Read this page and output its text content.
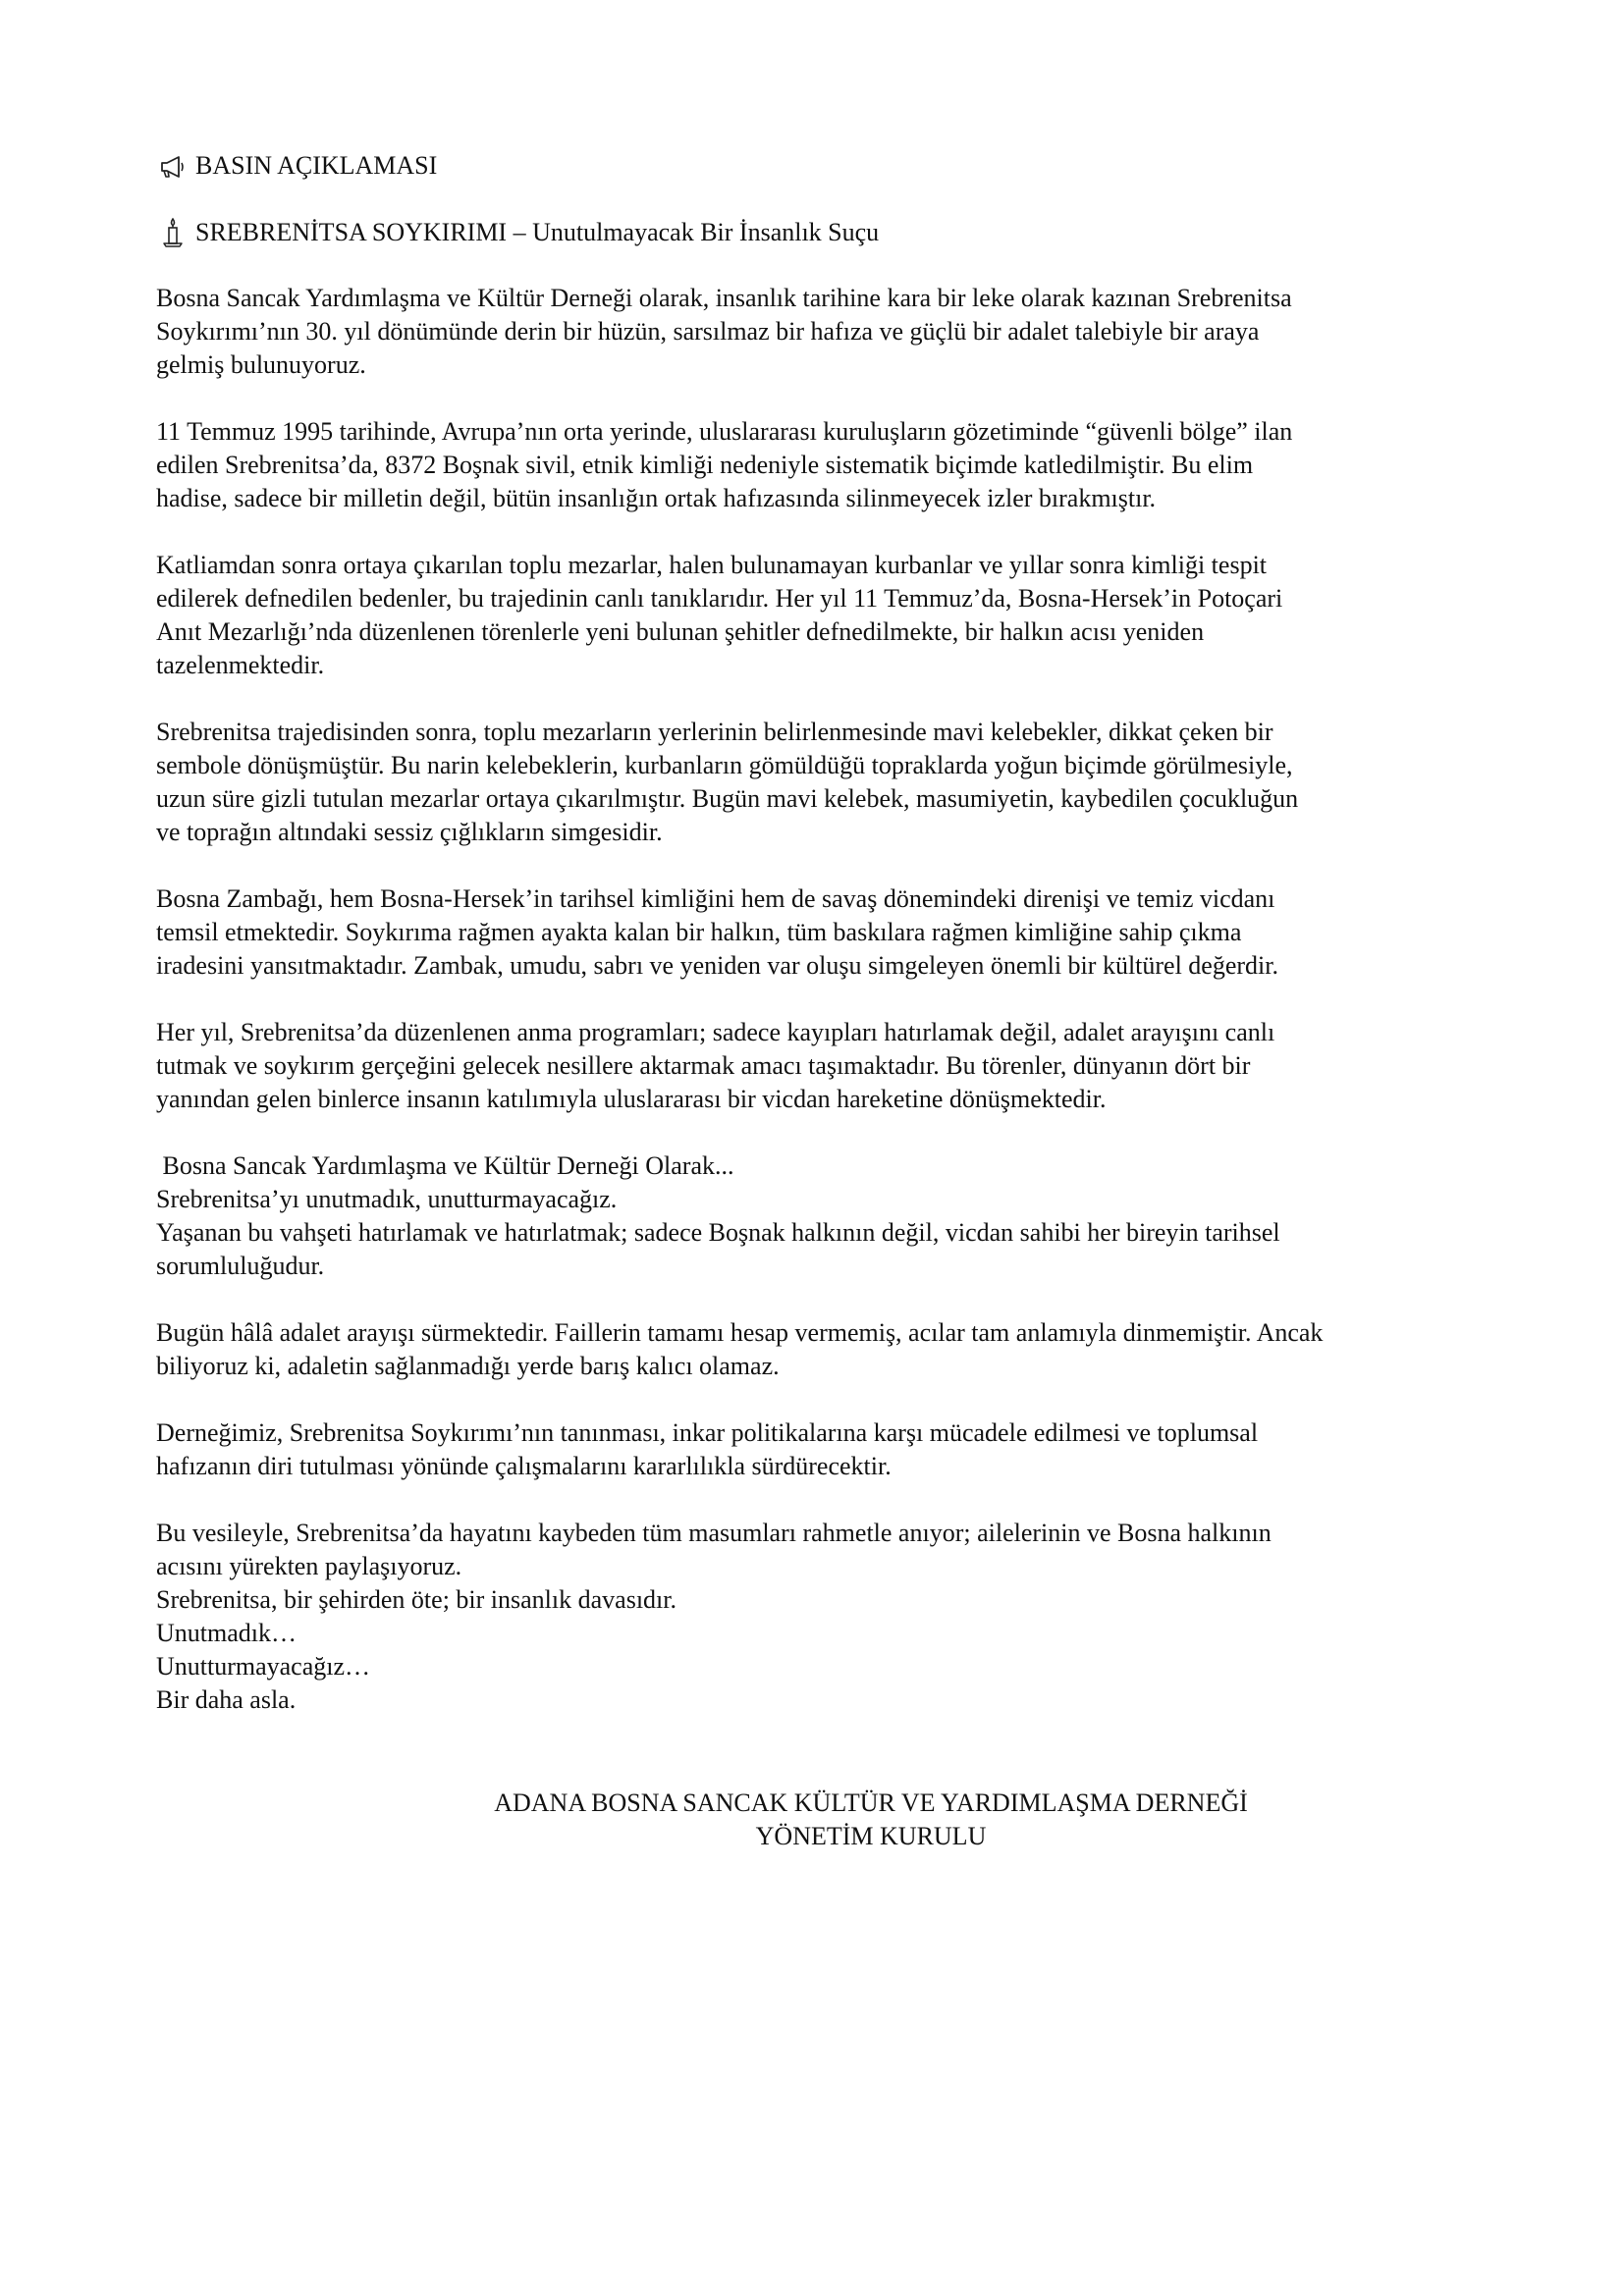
BASIN AÇIKLAMASI
SREBRENİTSA SOYKIRIMI – Unutulmayacak Bir İnsanlık Suçu

Bosna Sancak Yardımlaşma ve Kültür Derneği olarak, insanlık tarihine kara bir leke olarak kazınan Srebrenitsa
Soykırımı’nın 30. yıl dönümünde derin bir hüzün, sarsılmaz bir hafıza ve güçlü bir adalet talebiyle bir araya
gelmiş bulunuyoruz.

11 Temmuz 1995 tarihinde, Avrupa’nın orta yerinde, uluslararası kuruluşların gözetiminde “güvenli bölge” ilan
edilen Srebrenitsa’da, 8372 Boşnak sivil, etnik kimliği nedeniyle sistematik biçimde katledilmiştir. Bu elim
hadise, sadece bir milletin değil, bütün insanlığın ortak hafızasında silinmeyecek izler bırakmıştır.

Katliamdan sonra ortaya çıkarılan toplu mezarlar, halen bulunamayan kurbanlar ve yıllar sonra kimliği tespit
edilerek defnedilen bedenler, bu trajedinin canlı tanıklarıdır. Her yıl 11 Temmuz’da, Bosna-Hersek’in Potoçari
Anıt Mezarlığı’nda düzenlenen törenlerle yeni bulunan şehitler defnedilmekte, bir halkın acısı yeniden
tazelenmektedir.

Srebrenitsa trajedisinden sonra, toplu mezarların yerlerinin belirlenmesinde mavi kelebekler, dikkat çeken bir
sembole dönüşmüştür. Bu narin kelebeklerin, kurbanların gömüldüğü topraklarda yoğun biçimde görülmesiyle,
uzun süre gizli tutulan mezarlar ortaya çıkarılmıştır. Bugün mavi kelebek, masumiyetin, kaybedilen çocukluğun
ve toprağın altındaki sessiz çığlıkların simgesidir.

Bosna Zambağı, hem Bosna-Hersek’in tarihsel kimliğini hem de savaş dönemindeki direnişi ve temiz vicdanı
temsil etmektedir. Soykırıma rağmen ayakta kalan bir halkın, tüm baskılara rağmen kimliğine sahip çıkma
iradesini yansıtmaktadır. Zambak, umudu, sabrı ve yeniden var oluşu simgeleyen önemli bir kültürel değerdir.

Her yıl, Srebrenitsa’da düzenlenen anma programları; sadece kayıpları hatırlamak değil, adalet arayışını canlı
tutmak ve soykırım gerçeğini gelecek nesillere aktarmak amacı taşımaktadır. Bu törenler, dünyanın dört bir
yanından gelen binlerce insanın katılımıyla uluslararası bir vicdan hareketine dönüşmektedir.

Bosna Sancak Yardımlaşma ve Kültür Derneği Olarak...
Srebrenitsa’yı unutmadık, unutturmayacağız.
Yaşanan bu vahşeti hatırlamak ve hatırlatmak; sadece Boşnak halkının değil, vicdan sahibi her bireyin tarihsel
sorumluluğudur.

Bugün hâlâ adalet arayışı sürmektedir. Faillerin tamamı hesap vermemiş, acılar tam anlamıyla dinmemiştir. Ancak
biliyoruz ki, adaletin sağlanmadığı yerde barış kalıcı olamaz.

Derneğimiz, Srebrenitsa Soykırımı’nın tanınması, inkar politikalarına karşı mücadele edilmesi ve toplumsal
hafızanın diri tutulması yönünde çalışmalarını kararlılıkla sürdürecektir.

Bu vesileyle, Srebrenitsa’da hayatını kaybeden tüm masumları rahmetle anıyor; ailelerinin ve Bosna halkının
acısını yürekten paylaşıyoruz.
Srebrenitsa, bir şehirden öte; bir insanlık davasıdır.
Unutmadık…
Unutturmayacağız…
Bir daha asla.

ADANA BOSNA SANCAK KÜLTÜR VE YARDIMLAŞMA DERNEĞİ
YÖNETİM KURULU
